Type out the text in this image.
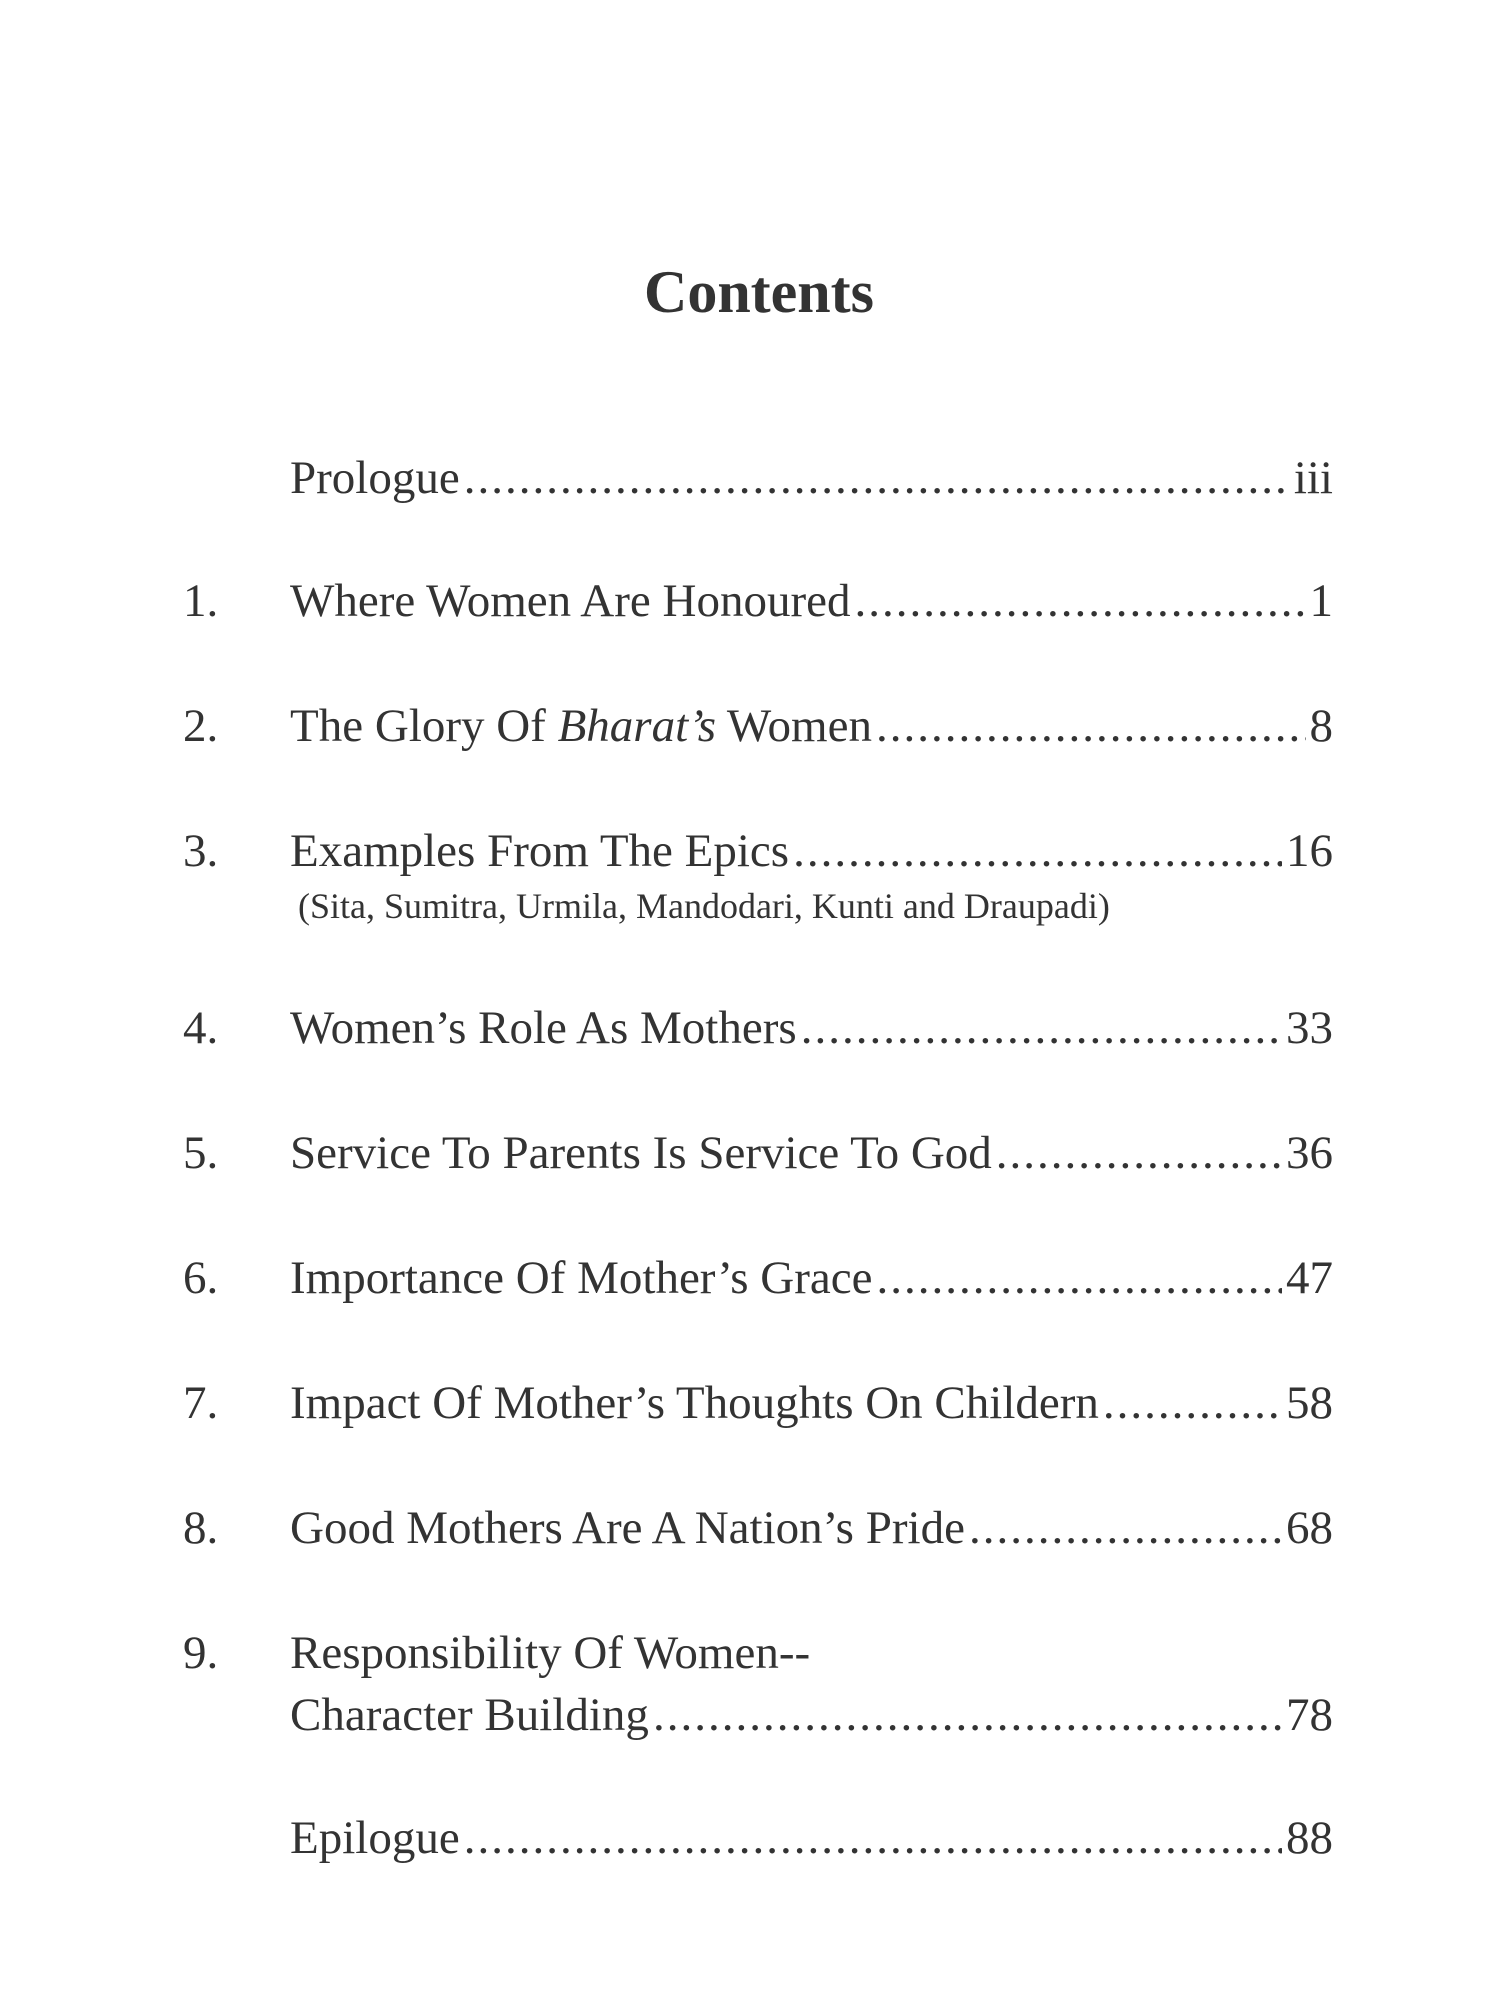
Contents
Prologue .....	iii
1. Where Women Are Honoured .....	1
2. The Glory Of Bharat’s Women .....	8
3. Examples From The Epics .....	16
(Sita, Sumitra, Urmila, Mandodari, Kunti and Draupadi)
4. Women’s Role As Mothers .....	33
5. Service To Parents Is Service To God .....	36
6. Importance Of Mother’s Grace .....	47
7. Impact Of Mother’s Thoughts On Childern .....	58
8. Good Mothers Are A Nation’s Pride .....	68
9. Responsibility Of Women--
Character Building .....	78
Epilogue .....	88
